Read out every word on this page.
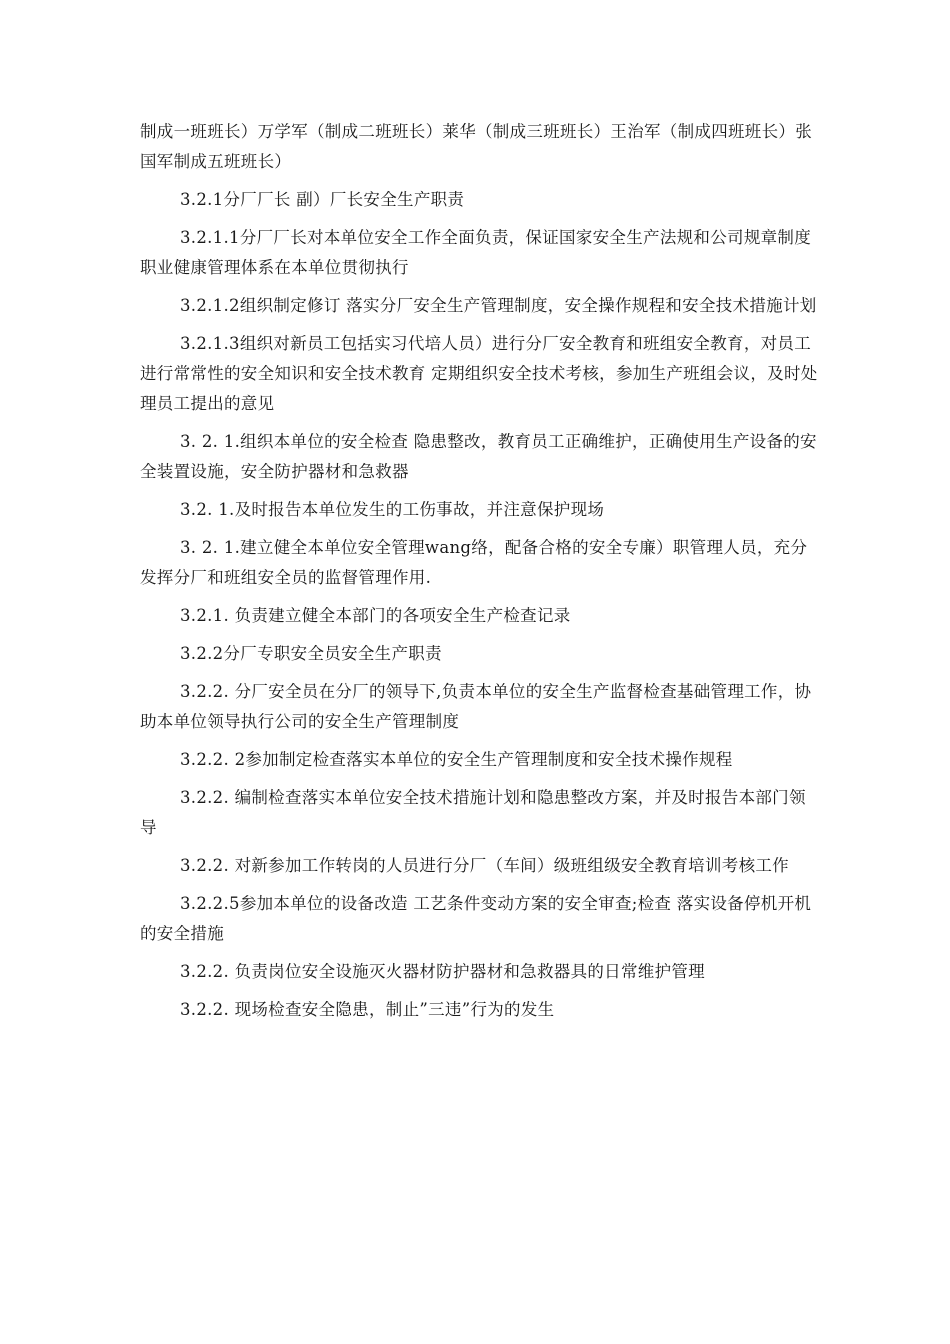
制成一班班长）万学军（制成二班班长）莱华（制成三班班长）王治军（制成四班班长）张国军制成五班班长）

3.2.1分厂厂长 副）厂长安全生产职责

3.2.1.1分厂厂长对本单位安全工作全面负责，保证国家安全生产法规和公司规章制度职业健康管理体系在本单位贯彻执行

3.2.1.2组织制定修订 落实分厂安全生产管理制度，安全操作规程和安全技术措施计划

3.2.1.3组织对新员工包括实习代培人员）进行分厂安全教育和班组安全教育，对员工进行常常性的安全知识和安全技术教育 定期组织安全技术考核，参加生产班组会议，及时处理员工提出的意见

3. 2. 1.组织本单位的安全检查 隐患整改，教育员工正确维护，正确使用生产设备的安全装置设施，安全防护器材和急救器

3.2. 1.及时报告本单位发生的工伤事故，并注意保护现场

3. 2. 1.建立健全本单位安全管理wang络，配备合格的安全专廉）职管理人员，充分发挥分厂和班组安全员的监督管理作用.

3.2.1. 负责建立健全本部门的各项安全生产检查记录

3.2.2分厂专职安全员安全生产职责

3.2.2. 分厂安全员在分厂的领导下,负责本单位的安全生产监督检查基础管理工作，协助本单位领导执行公司的安全生产管理制度

3.2.2. 2参加制定检查落实本单位的安全生产管理制度和安全技术操作规程

3.2.2. 编制检查落实本单位安全技术措施计划和隐患整改方案，并及时报告本部门领导

3.2.2. 对新参加工作转岗的人员进行分厂（车间）级班组级安全教育培训考核工作

3.2.2.5参加本单位的设备改造 工艺条件变动方案的安全审查;检查 落实设备停机开机的安全措施

3.2.2. 负责岗位安全设施灭火器材防护器材和急救器具的日常维护管理

3.2.2. 现场检查安全隐患，制止”三违”行为的发生
